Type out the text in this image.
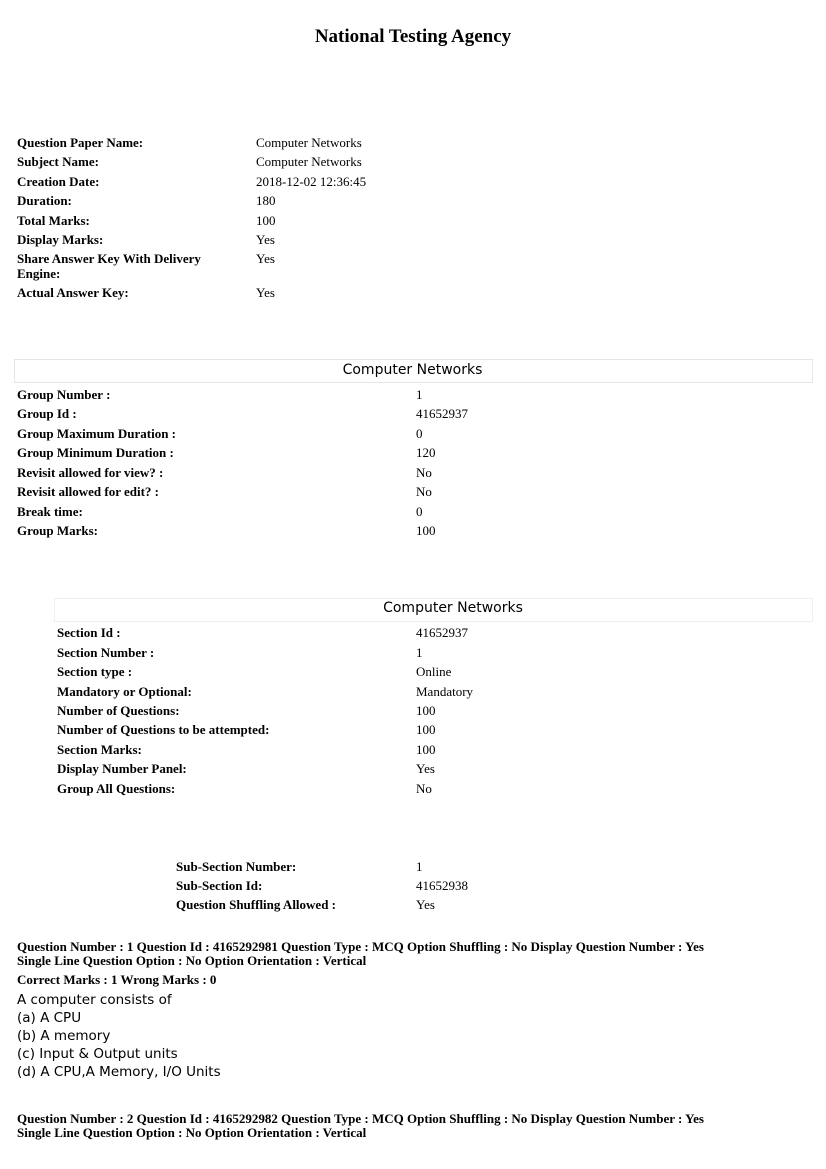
National Testing Agency
Question Paper Name:	Computer Networks
Subject Name:	Computer Networks
Creation Date:	2018-12-02 12:36:45
Duration:	180
Total Marks:	100
Display Marks:	Yes
Share Answer Key With Delivery Engine:
Yes
Actual Answer Key:	Yes
Computer Networks
Group Number :	1
Group Id :	41652937
Group Maximum Duration :	0
Group Minimum Duration :	120
Revisit allowed for view? :	No
Revisit allowed for edit? :	No
Break time:	0
Group Marks:	100
Computer Networks
Section Id :	41652937
Section Number :	1
Section type :	Online
Mandatory or Optional:	Mandatory
Number of Questions:	100
Number of Questions to be attempted:	100
Section Marks:	100
Display Number Panel:	Yes
Group All Questions:	No
Sub-Section Number:	1
Sub-Section Id:	41652938
Question Shuffling Allowed :	Yes
Question Number : 1 Question Id : 4165292981 Question Type : MCQ Option Shuffling : No Display Question Number : Yes
Single Line Question Option : No Option Orientation : Vertical
Correct Marks : 1 Wrong Marks : 0
A computer consists of
(a) A CPU
(b) A memory
(c) Input & Output units
(d) A CPU,A Memory, I/O Units
Question Number : 2 Question Id : 4165292982 Question Type : MCQ Option Shuffling : No Display Question Number : Yes
Single Line Question Option : No Option Orientation : Vertical
